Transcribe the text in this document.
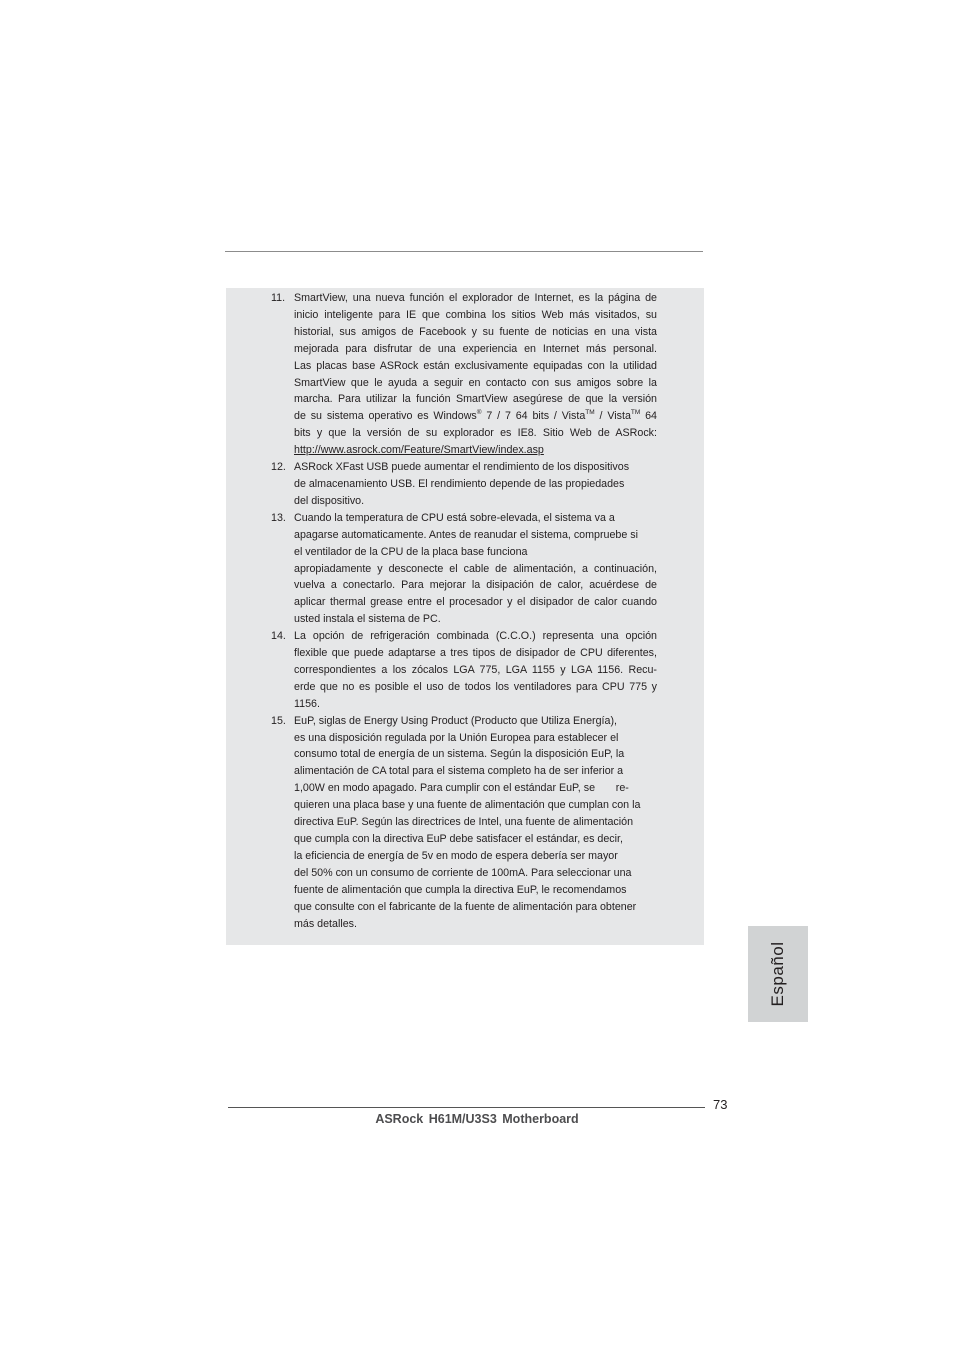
11. SmartView, una nueva función el explorador de Internet, es la página de
inicio inteligente para IE que combina los sitios Web más visitados, su
historial, sus amigos de Facebook y su fuente de noticias en una vista
mejorada para disfrutar de una experiencia en Internet más personal.
Las placas base ASRock están exclusivamente equipadas con la utilidad
SmartView que le ayuda a seguir en contacto con sus amigos sobre la
marcha. Para utilizar la función SmartView asegúrese de que la versión
de su sistema operativo es Windows® 7 / 7 64 bits / Vista™ / Vista™ 64
bits y que la versión de su explorador es IE8. Sitio Web de ASRock:
http://www.asrock.com/Feature/SmartView/index.asp
12. ASRock XFast USB puede aumentar el rendimiento de los dispositivos
de almacenamiento USB. El rendimiento depende de las propiedades
del dispositivo.
13. Cuando la temperatura de CPU está sobre-elevada, el sistema va a
apagarse automaticamente. Antes de reanudar el sistema, compruebe si
el ventilador de la CPU de la placa base funciona
apropiadamente y desconecte el cable de alimentación, a continuación,
vuelva a conectarlo. Para mejorar la disipación de calor, acuérdese de
aplicar thermal grease entre el procesador y el disipador de calor cuando
usted instala el sistema de PC.
14. La opción de refrigeración combinada (C.C.O.) representa una opción
flexible que puede adaptarse a tres tipos de disipador de CPU diferentes,
correspondientes a los zócalos LGA 775, LGA 1155 y LGA 1156. Recu-
erde que no es posible el uso de todos los ventiladores para CPU 775 y
1156.
15. EuP, siglas de Energy Using Product (Producto que Utiliza Energía),
es una disposición regulada por la Unión Europea para establecer el
consumo total de energía de un sistema. Según la disposición EuP, la
alimentación de CA total para el sistema completo ha de ser inferior a
1,00W en modo apagado. Para cumplir con el estándar EuP, se       re-
quieren una placa base y una fuente de alimentación que cumplan con la
directiva EuP. Según las directrices de Intel, una fuente de alimentación
que cumpla con la directiva EuP debe satisfacer el estándar, es decir,
la eficiencia de energía de 5v en modo de espera debería ser mayor
del 50% con un consumo de corriente de 100mA. Para seleccionar una
fuente de alimentación que cumpla la directiva EuP, le recomendamos
que consulte con el fabricante de la fuente de alimentación para obtener
más detalles.
Español
73
ASRock H61M/U3S3 Motherboard
